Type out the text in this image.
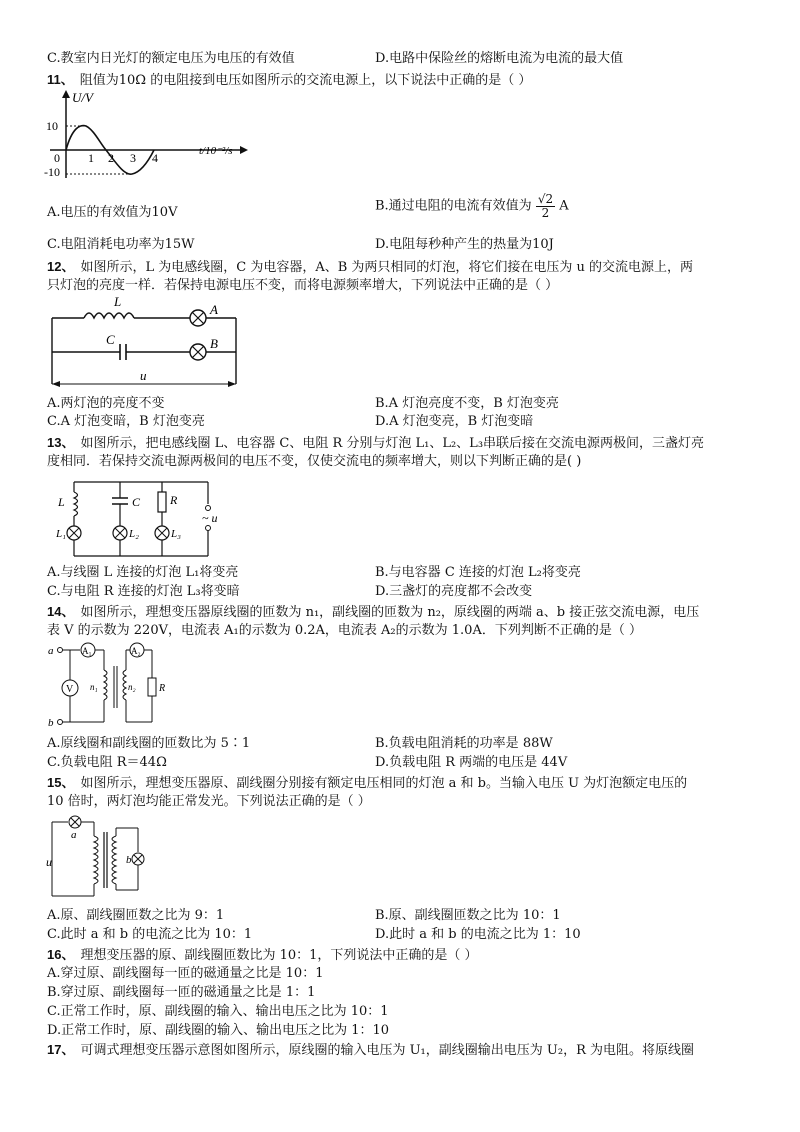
C.教室内日光灯的额定电压为电压的有效值	D.电路中保险丝的熔断电流为电流的最大值
11、 阻值为10Ω 的电阻接到电压如图所示的交流电源上，以下说法中正确的是（ ）
U/V
10
-10
0 1 2 3 4	t/10⁻²/s
A.电压的有效值为10V	B.通过电阻的电流有效值为 $\frac{√2}{2}$ A
C.电阻消耗电功率为15W	D.电阻每秒种产生的热量为10J
12、 如图所示，L 为电感线圈，C 为电容器，A、B 为两只相同的灯泡，将它们接在电压为 u 的交流电源上，两
只灯泡的亮度一样．若保持电源电压不变，而将电源频率增大，下列说法中正确的是（ ）
L
A
C	B
u
A.两灯泡的亮度不变	B.A 灯泡亮度不变，B 灯泡变亮
C.A 灯泡变暗，B 灯泡变亮	D.A 灯泡变亮，B 灯泡变暗
13、 如图所示，把电感线圈 L、电容器 C、电阻 R 分别与灯泡 L₁、L₂、L₃串联后接在交流电源两极间，三盏灯亮
度相同．若保持交流电源两极间的电压不变，仅使交流电的频率增大，则以下判断正确的是( )
L
L₁
C
L₂
R
L₃
~ u
A.与线圈 L 连接的灯泡 L₁将变亮	B.与电容器 C 连接的灯泡 L₂将变亮
C.与电阻 R 连接的灯泡 L₃将变暗	D.三盏灯的亮度都不会改变
14、 如图所示，理想变压器原线圈的匝数为 n₁，副线圈的匝数为 n₂，原线圈的两端 a、b 接正弦交流电源，电压
表 V 的示数为 220V，电流表 A₁的示数为 0.2A，电流表 A₂的示数为 1.0A．下列判断不正确的是（ ）
a
b
A₁
V n₁	n₂
A₂
R
A.原线圈和副线圈的匝数比为 5∶1	B.负载电阻消耗的功率是 88W
C.负载电阻 R＝44Ω	D.负载电阻 R 两端的电压是 44V
15、 如图所示，理想变压器原、副线圈分别接有额定电压相同的灯泡 a 和 b。当输入电压 U 为灯泡额定电压的
10 倍时，两灯泡均能正常发光。下列说法正确的是（ ）
a
u	b
A.原、副线圈匝数之比为 9：1	B.原、副线圈匝数之比为 10：1
C.此时 a 和 b 的电流之比为 10：1	D.此时 a 和 b 的电流之比为 1：10
16、 理想变压器的原、副线圈匝数比为 10：1，下列说法中正确的是（ ）
A.穿过原、副线圈每一匝的磁通量之比是 10：1
B.穿过原、副线圈每一匝的磁通量之比是 1：1
C.正常工作时，原、副线圈的输入、输出电压之比为 10：1
D.正常工作时，原、副线圈的输入、输出电压之比为 1：10
17、 可调式理想变压器示意图如图所示，原线圈的输入电压为 U₁，副线圈输出电压为 U₂，R 为电阻。将原线圈
